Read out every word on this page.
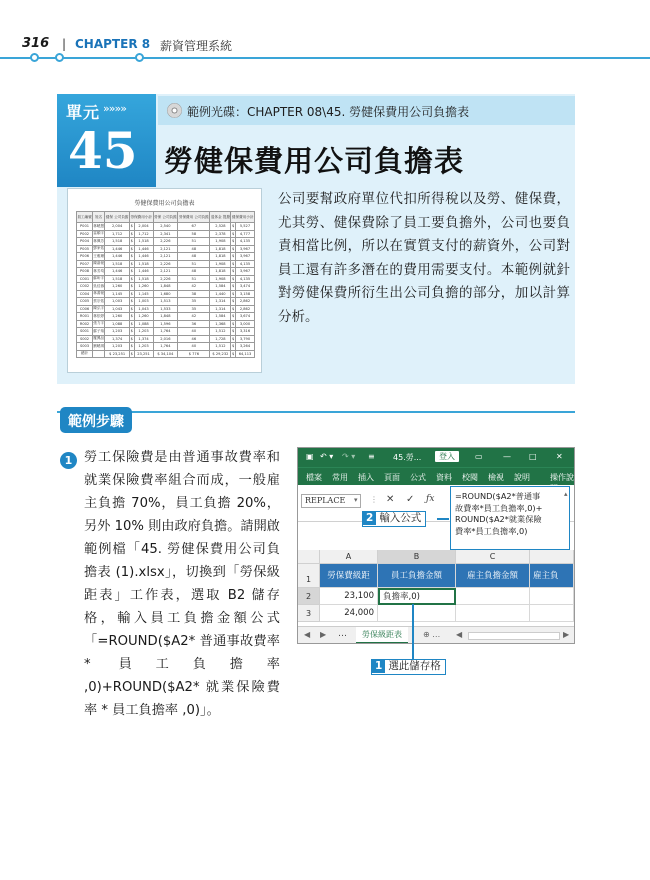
316 | CHAPTER 8 薪資管理系統
單元 »»»»
45
範例光碟：CHAPTER 08\45. 勞健保費用公司負擔表
勞健保費用公司負擔表
勞健保費用公司負擔表
員工編號	姓名	健保 公司負擔	勞保費用小計		勞保 公司負擔	勞保費用 公司負擔	退休金 提撥	健保費用小計	
P001	林曉慧	2,004	$	2,004	2,540	67	2,528	$	5,527
P002	雷順宇	1,712	$	1,712	2,341	58	2,378	$	4,777
P004	林佩芳	1,518	$	1,518	2,226	51	1,908	$	4,135
P005	鄧家佑	1,446	$	1,446	2,121	48	1,818	$	3,967
P006	王雅珊	1,446	$	1,446	2,121	48	1,818	$	3,967
P007	陳嘉豪	1,518	$	1,518	2,226	51	1,908	$	4,135
P008	林芳均	1,446	$	1,446	2,121	48	1,818	$	3,967
C001	蘇昕宇	1,518	$	1,518	2,226	51	1,908	$	4,135
C002	吳佳蓉	1,260	$	1,260	1,848	42	1,584	$	3,474
C004	林書豪	1,145	$	1,145	1,680	38	1,440	$	3,158
C005	蔡宗佑	1,003	$	1,003	1,513	35	1,314	$	2,862
C006	陳弘宇	1,043	$	1,043	1,533	35	1,314	$	2,862
R001	林依婷	1,260	$	1,260	1,848	42	1,584	$	3,674
R002	張力宇	1,088	$	1,088	1,596	36	1,368	$	3,000
S001	蘇子瑄	1,203	$	1,203	1,764	40	1,512	$	3,316
S002	羅興品	1,374	$	1,374	2,016	46	1,728	$	3,790
S003	劉曉琪	1,203	$	1,203	1,764	40	1,512	$	3,264
總計		$ 23,251	$	23,251	$ 34,104	$ 776	$ 29,232	$	64,113
公司要幫政府單位代扣所得稅以及勞、健保費，尤其勞、健保費除了員工要負擔外，公司也要負責相當比例，所以在實質支付的薪資外，公司對員工還有許多潛在的費用需要支付。本範例就針對勞健保費所衍生出公司負擔的部分，加以計算分析。
範例步驟
1 勞工保險費是由普通事故費率和就業保險費率組合而成，一般雇主負擔 70%，員工負擔 20%，另外 10% 則由政府負擔。請開啟範例檔「45. 勞健保費用公司負擔表 (1).xlsx」，切換到「勞保級距表」工作表，選取 B2 儲存格，輸入員工負擔金額公式「=ROUND($A2* 普通事故費率 * 員工負擔率 ,0)+ROUND($A2* 就業保險費率 * 員工負擔率 ,0)」。
▣ ↶ ▾ ↷ ▾ ≡ 45.勞...	登入	▭	— □ ✕
檔案 常用 插入 頁面 公式 資料 校閱 檢視 說明	操作說
REPLACE	▾ ⋮ ✕ ✓ ƒx	=ROUND($A2*普通事
故費率*員工負擔率,0)+
ROUND($A2*就業保險
費率*員工負擔率,0)
▴
A	B	C
1	勞保費級距	員工負擔金額	雇主負擔金額	雇主負
2	23,100	負擔率,0)
3	24,000
◀ ▶ …	勞保級距表	⊕ … ◀	▶
2 輸入公式
1 選此儲存格
